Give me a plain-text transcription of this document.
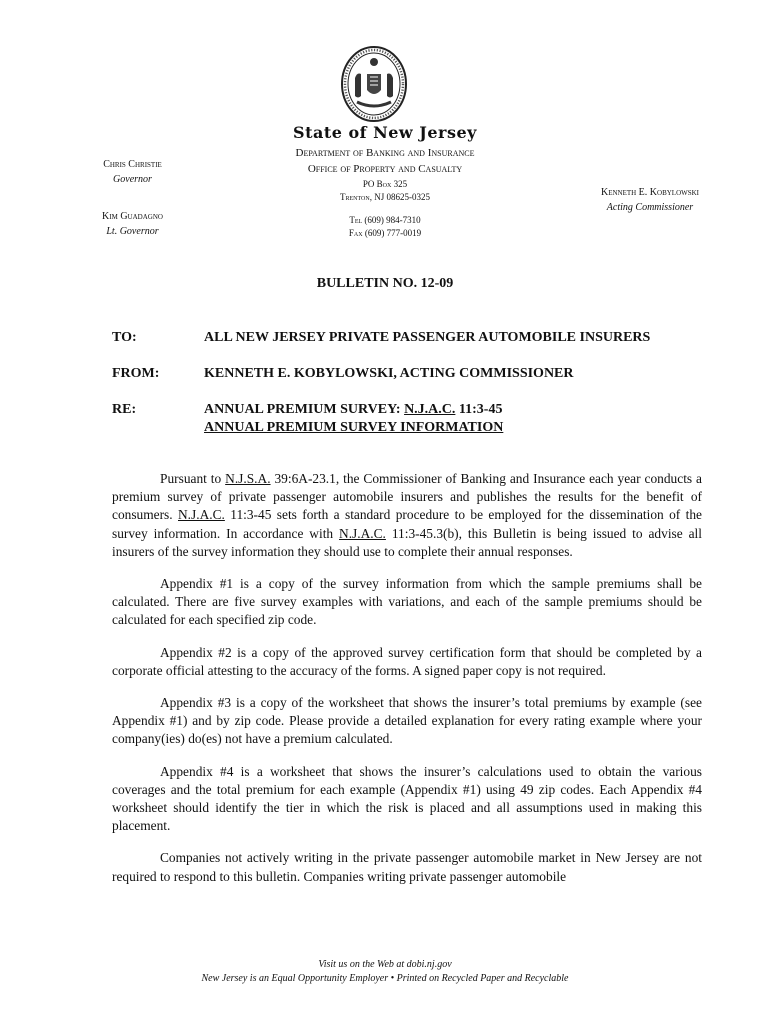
State of New Jersey
Department of Banking and Insurance
Office of Property and Casualty
PO Box 325
Trenton, NJ 08625-0325
Tel (609) 984-7310
Fax (609) 777-0019
Chris Christie
Governor
Kim Guadagno
Lt. Governor
Kenneth E. Kobylowski
Acting Commissioner
BULLETIN NO. 12-09
TO:	ALL NEW JERSEY PRIVATE PASSENGER AUTOMOBILE INSURERS
FROM:	KENNETH E. KOBYLOWSKI, ACTING COMMISSIONER
RE:	ANNUAL PREMIUM SURVEY: N.J.A.C. 11:3-45
ANNUAL PREMIUM SURVEY INFORMATION

Pursuant to N.J.S.A. 39:6A-23.1, the Commissioner of Banking and Insurance each year conducts a premium survey of private passenger automobile insurers and publishes the results for the benefit of consumers. N.J.A.C. 11:3-45 sets forth a standard procedure to be employed for the dissemination of the survey information. In accordance with N.J.A.C. 11:3-45.3(b), this Bulletin is being issued to advise all insurers of the survey information they should use to complete their annual responses.

Appendix #1 is a copy of the survey information from which the sample premiums shall be calculated. There are five survey examples with variations, and each of the sample premiums should be calculated for each specified zip code.

Appendix #2 is a copy of the approved survey certification form that should be completed by a corporate official attesting to the accuracy of the forms. A signed paper copy is not required.

Appendix #3 is a copy of the worksheet that shows the insurer’s total premiums by example (see Appendix #1) and by zip code. Please provide a detailed explanation for every rating example where your company(ies) do(es) not have a premium calculated.

Appendix #4 is a worksheet that shows the insurer’s calculations used to obtain the various coverages and the total premium for each example (Appendix #1) using 49 zip codes. Each Appendix #4 worksheet should identify the tier in which the risk is placed and all assumptions used in making this placement.

Companies not actively writing in the private passenger automobile market in New Jersey are not required to respond to this bulletin. Companies writing private passenger automobile

Visit us on the Web at dobi.nj.gov
New Jersey is an Equal Opportunity Employer • Printed on Recycled Paper and Recyclable
